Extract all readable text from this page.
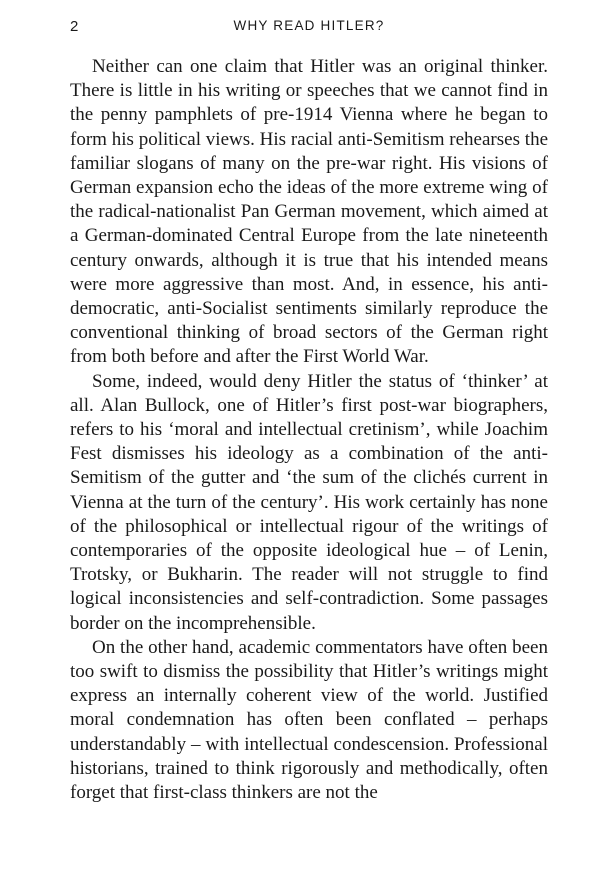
2	WHY READ HITLER?

Neither can one claim that Hitler was an original thinker. There is little in his writing or speeches that we cannot find in the penny pamphlets of pre-1914 Vienna where he began to form his political views. His racial anti-Semitism rehearses the familiar slogans of many on the pre-war right. His visions of German expansion echo the ideas of the more extreme wing of the radical-nationalist Pan German movement, which aimed at a German-dominated Central Europe from the late nineteenth century onwards, although it is true that his intended means were more aggressive than most. And, in essence, his anti-democratic, anti-Socialist sentiments similarly reproduce the conventional thinking of broad sectors of the German right from both before and after the First World War.

Some, indeed, would deny Hitler the status of ‘thinker’ at all. Alan Bullock, one of Hitler’s first post-war biographers, refers to his ‘moral and intellectual cretinism’, while Joachim Fest dismisses his ideology as a combination of the anti-Semitism of the gutter and ‘the sum of the clichés current in Vienna at the turn of the century’. His work certainly has none of the philosophical or intellectual rigour of the writings of contemporaries of the opposite ideological hue – of Lenin, Trotsky, or Bukharin. The reader will not struggle to find logical inconsistencies and self-contradiction. Some passages border on the incomprehensible.

On the other hand, academic commentators have often been too swift to dismiss the possibility that Hitler’s writings might express an internally coherent view of the world. Justified moral condemnation has often been conflated – perhaps understandably – with intellectual condescension. Professional historians, trained to think rigorously and methodically, often forget that first-class thinkers are not the
